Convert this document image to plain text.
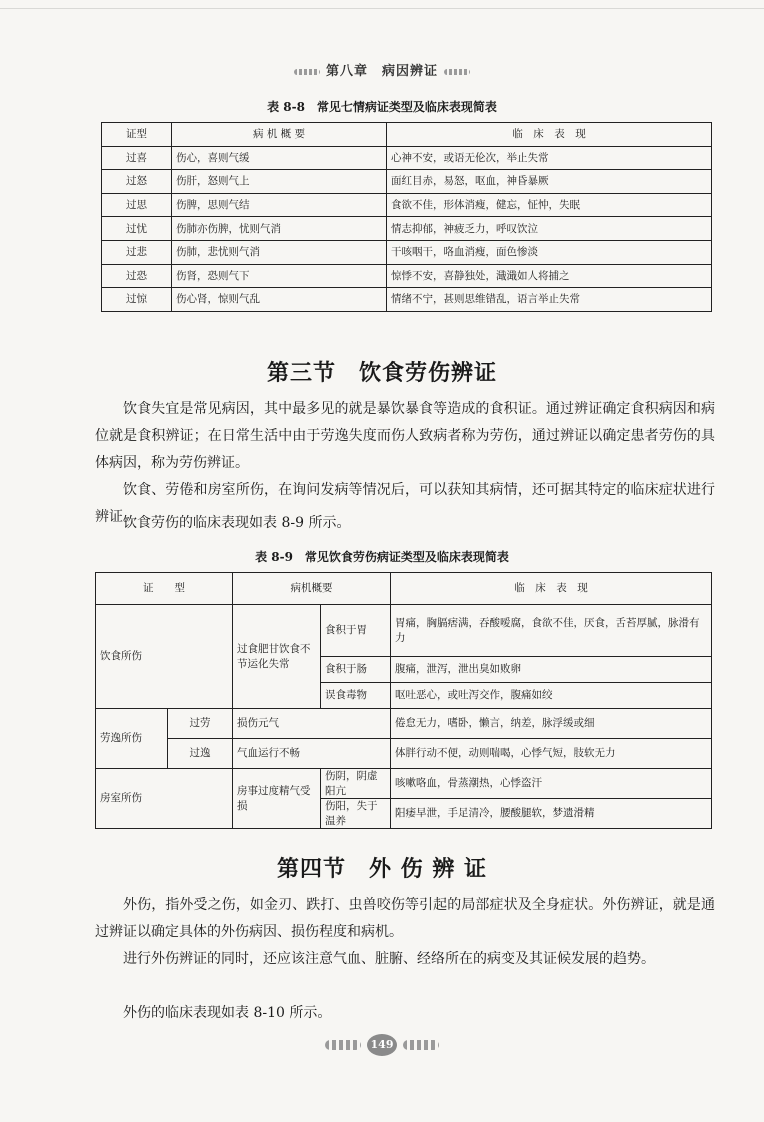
第八章　病因辨证
表 8-8　常见七情病证类型及临床表现简表
证型	病 机 概 要	临　床　表　现
过喜	伤心，喜则气缓	心神不安，或语无伦次，举止失常
过怒	伤肝，怒则气上	面红目赤，易怒，呕血，神昏暴厥
过思	伤脾，思则气结	食欲不佳，形体消瘦，健忘，怔忡，失眠
过忧	伤肺亦伤脾，忧则气消	情志抑郁，神疲乏力，呼叹饮泣
过悲	伤肺，悲忧则气消	干咳咽干，咯血消瘦，面色惨淡
过恐	伤肾，恐则气下	惊悸不安，喜静独处，濈濈如人将捕之
过惊	伤心肾，惊则气乱	情绪不宁，甚则思维错乱，语言举止失常
第三节　饮食劳伤辨证
饮食失宜是常见病因，其中最多见的就是暴饮暴食等造成的食积证。通过辨证确定食积病因和病位就是食积辨证；在日常生活中由于劳逸失度而伤人致病者称为劳伤，通过辨证以确定患者劳伤的具体病因，称为劳伤辨证。
饮食、劳倦和房室所伤，在询问发病等情况后，可以获知其病情，还可据其特定的临床症状进行辨证。
饮食劳伤的临床表现如表 8-9 所示。
表 8-9　常见饮食劳伤病证类型及临床表现简表
证　　型		病机概要		临　床　表　现
饮食所伤		过食肥甘饮食不节运化失常	食积于胃	胃痛，胸膈痞满，吞酸嗳腐，食欲不佳，厌食，舌苔厚腻，脉滑有力
			食积于肠	腹痛，泄泻，泄出臭如败卵
			误食毒物	呕吐恶心，或吐泻交作，腹痛如绞
劳逸所伤	过劳	损伤元气		倦怠无力，嗜卧，懒言，纳差，脉浮缓或细
	过逸	气血运行不畅		体胖行动不便，动则喘喝，心悸气短，肢软无力
房室所伤		房事过度精气受损	伤阴，阴虚阳亢	咳嗽咯血，骨蒸潮热，心悸盗汗
			伤阳，失于温养	阳痿早泄，手足清冷，腰酸腿软，梦遗滑精
第四节　外 伤 辨 证
外伤，指外受之伤，如金刃、跌打、虫兽咬伤等引起的局部症状及全身症状。外伤辨证，就是通过辨证以确定具体的外伤病因、损伤程度和病机。
进行外伤辨证的同时，还应该注意气血、脏腑、经络所在的病变及其证候发展的趋势。
外伤的临床表现如表 8-10 所示。
149
